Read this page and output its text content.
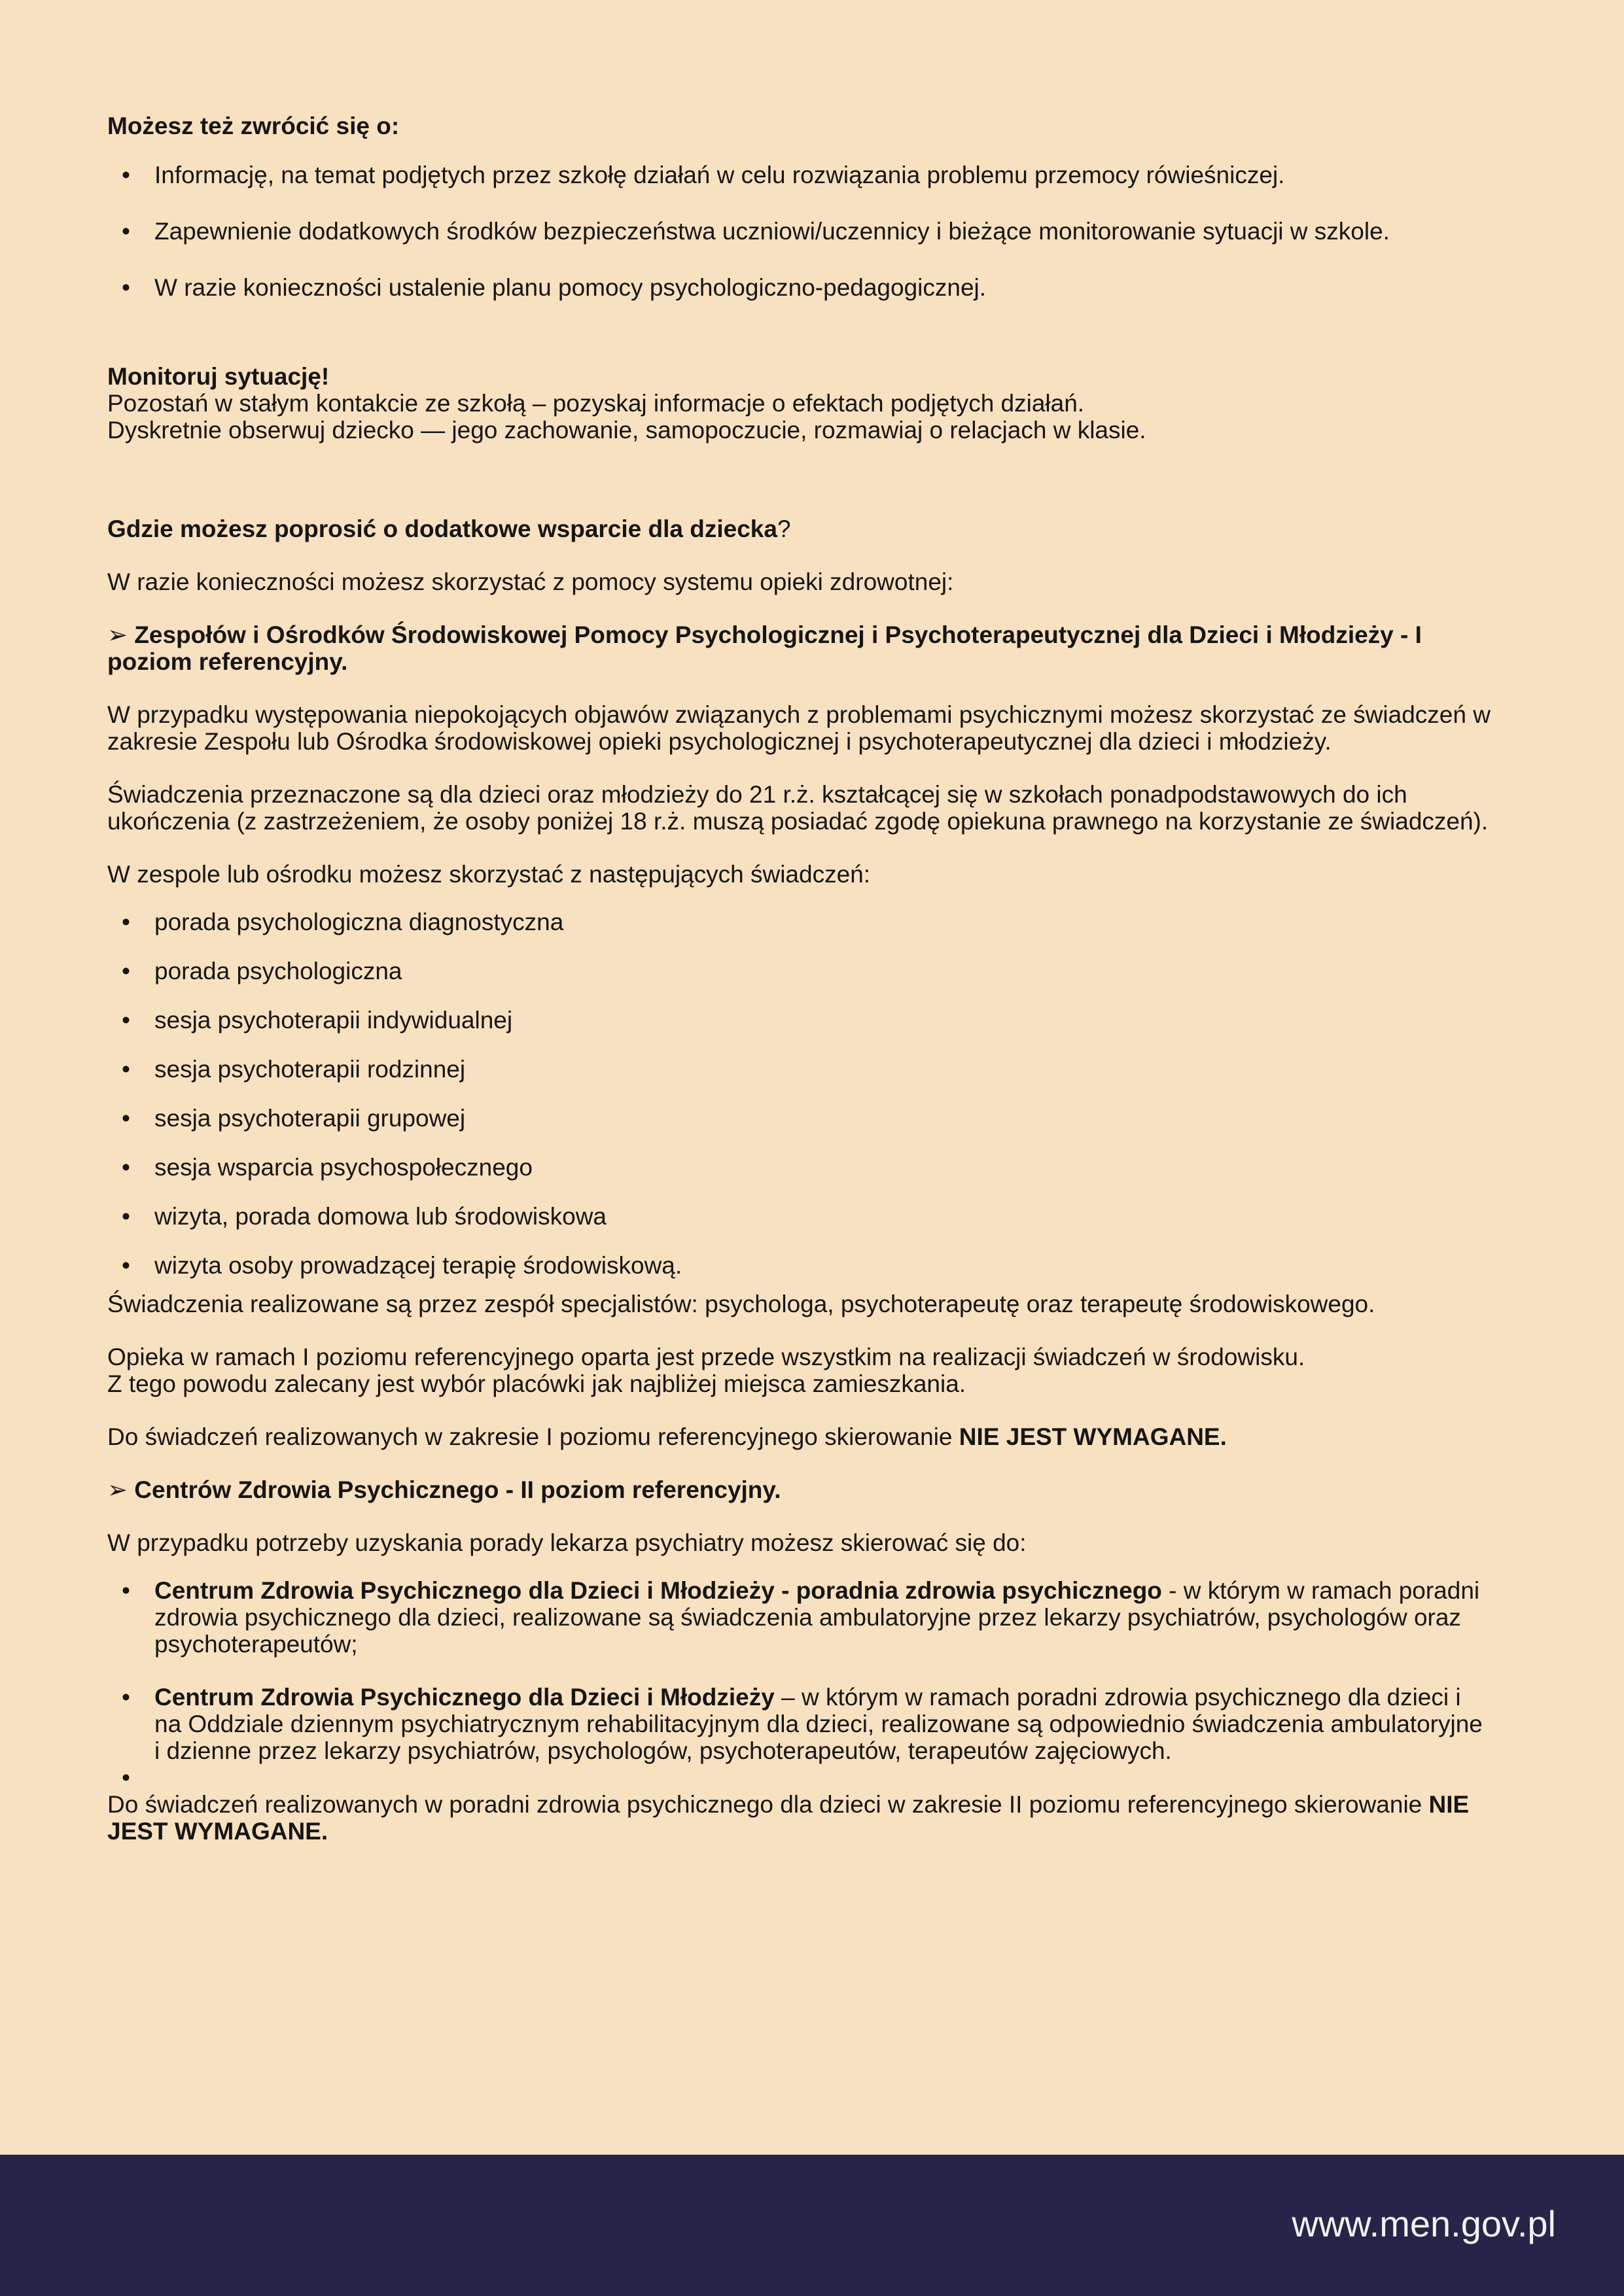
Możesz też zwrócić się o:

• Informację, na temat podjętych przez szkołę działań w celu rozwiązania problemu przemocy rówieśniczej.
• Zapewnienie dodatkowych środków bezpieczeństwa uczniowi/uczennicy i bieżące monitorowanie sytuacji w szkole.
• W razie konieczności ustalenie planu pomocy psychologiczno-pedagogicznej.

Monitoruj sytuację!

Pozostań w stałym kontakcie ze szkołą – pozyskaj informacje o efektach podjętych działań.

Dyskretnie obserwuj dziecko — jego zachowanie, samopoczucie, rozmawiaj o relacjach w klasie.

Gdzie możesz poprosić o dodatkowe wsparcie dla dziecka?

W razie konieczności możesz skorzystać z pomocy systemu opieki zdrowotnej:

➢ Zespołów i Ośrodków Środowiskowej Pomocy Psychologicznej i Psychoterapeutycznej dla Dzieci i Młodzieży - I poziom referencyjny.

W przypadku występowania niepokojących objawów związanych z problemami psychicznymi możesz skorzystać ze świadczeń w zakresie Zespołu lub Ośrodka środowiskowej opieki psychologicznej i psychoterapeutycznej dla dzieci i młodzieży.

Świadczenia przeznaczone są dla dzieci oraz młodzieży do 21 r.ż. kształcącej się w szkołach ponadpodstawowych do ich ukończenia (z zastrzeżeniem, że osoby poniżej 18 r.ż. muszą posiadać zgodę opiekuna prawnego na korzystanie ze świadczeń).

W zespole lub ośrodku możesz skorzystać z następujących świadczeń:

• porada psychologiczna diagnostyczna
• porada psychologiczna
• sesja psychoterapii indywidualnej
• sesja psychoterapii rodzinnej
• sesja psychoterapii grupowej
• sesja wsparcia psychospołecznego
• wizyta, porada domowa lub środowiskowa
• wizyta osoby prowadzącej terapię środowiskową.

Świadczenia realizowane są przez zespół specjalistów: psychologa, psychoterapeutę oraz terapeutę środowiskowego.

Opieka w ramach I poziomu referencyjnego oparta jest przede wszystkim na realizacji świadczeń w środowisku.

Z tego powodu zalecany jest wybór placówki jak najbliżej miejsca zamieszkania.

Do świadczeń realizowanych w zakresie I poziomu referencyjnego skierowanie NIE JEST WYMAGANE.

➢ Centrów Zdrowia Psychicznego - II poziom referencyjny.

W przypadku potrzeby uzyskania porady lekarza psychiatry możesz skierować się do:

• Centrum Zdrowia Psychicznego dla Dzieci i Młodzieży - poradnia zdrowia psychicznego - w którym w ramach poradni zdrowia psychicznego dla dzieci, realizowane są świadczenia ambulatoryjne przez lekarzy psychiatrów, psychologów oraz psychoterapeutów;
• Centrum Zdrowia Psychicznego dla Dzieci i Młodzieży – w którym w ramach poradni zdrowia psychicznego dla dzieci i na Oddziale dziennym psychiatrycznym rehabilitacyjnym dla dzieci, realizowane są odpowiednio świadczenia ambulatoryjne i dzienne przez lekarzy psychiatrów, psychologów, psychoterapeutów, terapeutów zajęciowych.
•

Do świadczeń realizowanych w poradni zdrowia psychicznego dla dzieci w zakresie II poziomu referencyjnego skierowanie NIE JEST WYMAGANE.

www.men.gov.pl
